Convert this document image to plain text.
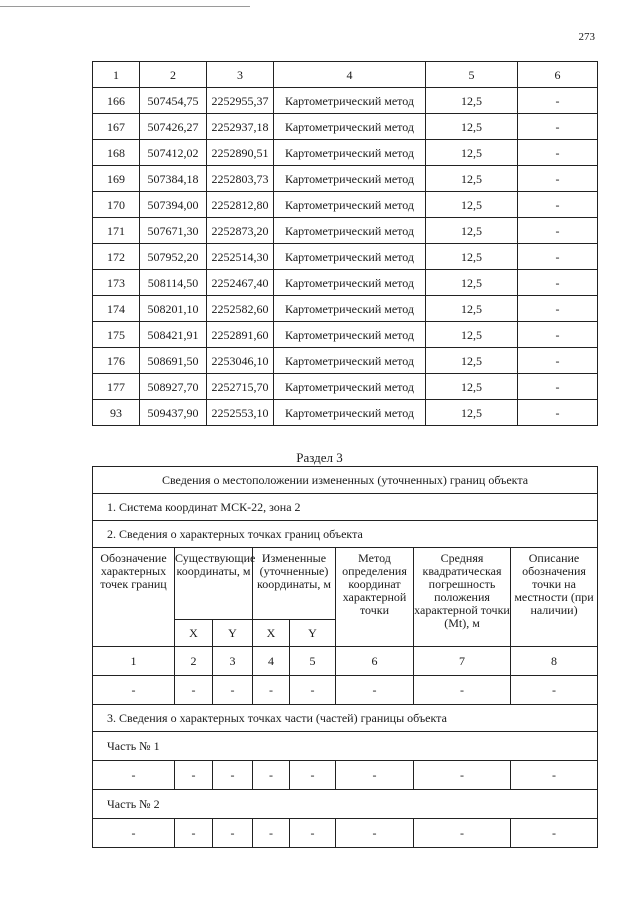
273
1	2	3	4	5	6
166	507454,75	2252955,37	Картометрический метод	12,5	-
167	507426,27	2252937,18	Картометрический метод	12,5	-
168	507412,02	2252890,51	Картометрический метод	12,5	-
169	507384,18	2252803,73	Картометрический метод	12,5	-
170	507394,00	2252812,80	Картометрический метод	12,5	-
171	507671,30	2252873,20	Картометрический метод	12,5	-
172	507952,20	2252514,30	Картометрический метод	12,5	-
173	508114,50	2252467,40	Картометрический метод	12,5	-
174	508201,10	2252582,60	Картометрический метод	12,5	-
175	508421,91	2252891,60	Картометрический метод	12,5	-
176	508691,50	2253046,10	Картометрический метод	12,5	-
177	508927,70	2252715,70	Картометрический метод	12,5	-
93	509437,90	2252553,10	Картометрический метод	12,5	-
Раздел 3
Сведения о местоположении измененных (уточненных) границ объекта							
1. Система координат МСК-22, зона 2							
2. Сведения о характерных точках границ объекта							
Обозначение характерных точек границ	Существующие координаты, м		Измененные (уточненные) координаты, м		Метод определения координат характерной точки	Средняя квадратическая погрешность положения характерной точки (Mt), м	Описание обозначения точки на местности (при наличии)
	X	Y	X	Y			
1	2	3	4	5	6	7	8
-	-	-	-	-	-	-	-
3. Сведения о характерных точках части (частей) границы объекта							
Часть № 1							
-	-	-	-	-	-	-	-
Часть № 2							
-	-	-	-	-	-	-	-
